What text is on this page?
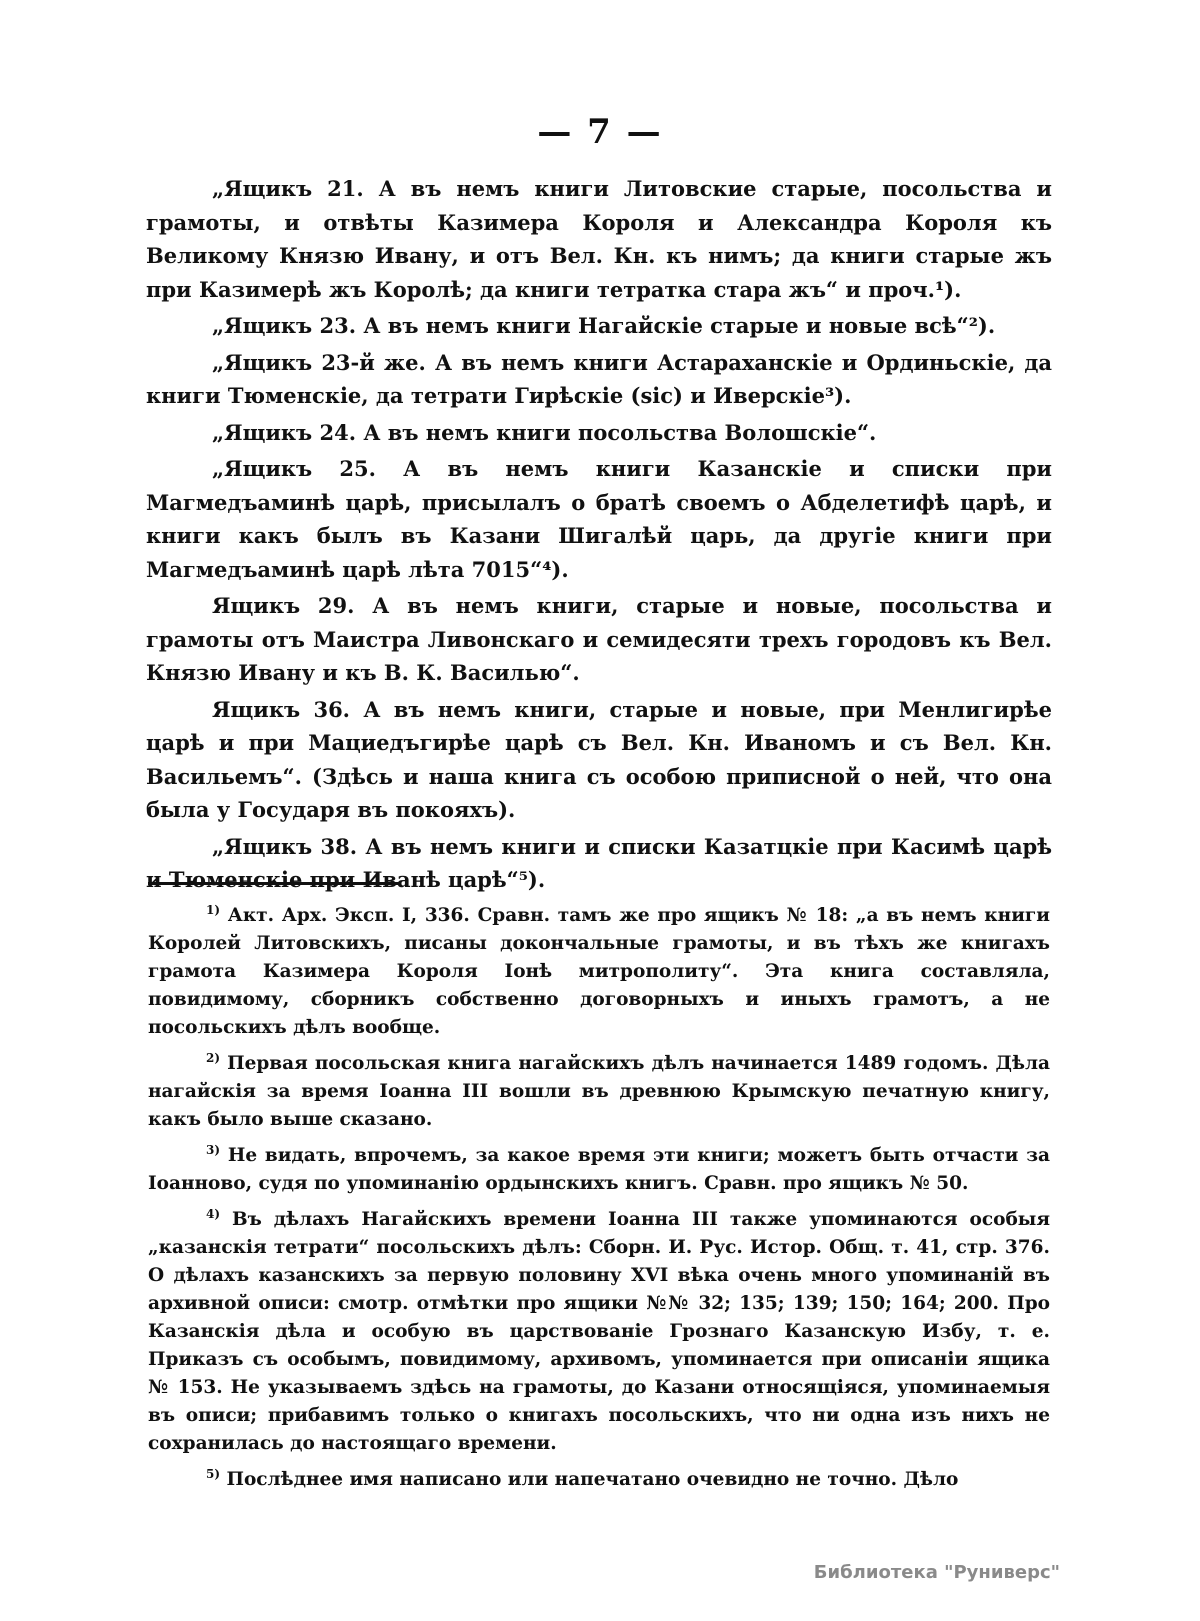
— 7 —

„Ящикъ 21. А въ немъ книги Литовские старые, посольства и грамоты, и отвѣты Казимера Короля и Александра Короля къ Великому Князю Ивану, и отъ Вел. Кн. къ нимъ; да книги старые жъ при Казимерѣ жъ Королѣ; да книги тетратка стара жъ“ и проч.¹).

„Ящикъ 23. А въ немъ книги Нагайскіе старые и новые всѣ“²).

„Ящикъ 23-й же. А въ немъ книги Астараханскіе и Ординьскіе, да книги Тюменскіе, да тетрати Гирѣскіе (sic) и Иверскіе³).

„Ящикъ 24. А въ немъ книги посольства Волошскіе“.

„Ящикъ 25. А въ немъ книги Казанскіе и списки при Магмедъаминѣ царѣ, присылалъ о братѣ своемъ о Абделетифѣ царѣ, и книги какъ былъ въ Казани Шигалѣй царь, да другіе книги при Магмедъаминѣ царѣ лѣта 7015“⁴).

Ящикъ 29. А въ немъ книги, старые и новые, посольства и грамоты отъ Маистра Ливонскаго и семидесяти трехъ городовъ къ Вел. Князю Ивану и къ В. К. Василью“.

Ящикъ 36. А въ немъ книги, старые и новые, при Менлигирѣе царѣ и при Мациедъгирѣе царѣ съ Вел. Кн. Иваномъ и съ Вел. Кн. Васильемъ“. (Здѣсь и наша книга съ особою приписной о ней, что она была у Государя въ покояхъ).

„Ящикъ 38. А въ немъ книги и списки Казатцкіе при Касимѣ царѣ и Тюменскіе при Иванѣ царѣ“⁵).

$^{1)}$ Акт. Арх. Эксп. I, 336. Сравн. тамъ же про ящикъ № 18: „а въ немъ книги Королей Литовскихъ, писаны докончальные грамоты, и въ тѣхъ же книгахъ грамота Казимера Короля Іонѣ митрополиту“. Эта книга составляла, повидимому, сборникъ собственно договорныхъ и иныхъ грамотъ, а не посольскихъ дѣлъ вообще.

$^{2)}$ Первая посольская книга нагайскихъ дѣлъ начинается 1489 годомъ. Дѣла нагайскія за время Іоанна III вошли въ древнюю Крымскую печатную книгу, какъ было выше сказано.

$^{3)}$ Не видать, впрочемъ, за какое время эти книги; можетъ быть отчасти за Іоанново, судя по упоминанію ордынскихъ книгъ. Сравн. про ящикъ № 50.

$^{4)}$ Въ дѣлахъ Нагайскихъ времени Іоанна III также упоминаются особыя „казанскія тетрати“ посольскихъ дѣлъ: Сборн. И. Рус. Истор. Общ. т. 41, стр. 376. О дѣлахъ казанскихъ за первую половину XVI вѣка очень много упоминаній въ архивной описи: смотр. отмѣтки про ящики №№ 32; 135; 139; 150; 164; 200. Про Казанскія дѣла и особую въ царствованіе Грознаго Казанскую Избу, т. е. Приказъ съ особымъ, повидимому, архивомъ, упоминается при описаніи ящика № 153. Не указываемъ здѣсь на грамоты, до Казани относящіяся, упоминаемыя въ описи; прибавимъ только о книгахъ посольскихъ, что ни одна изъ нихъ не сохранилась до настоящаго времени.

$^{5)}$ Послѣднее имя написано или напечатано очевидно не точно. Дѣло

Библиотека "Руниверс"
